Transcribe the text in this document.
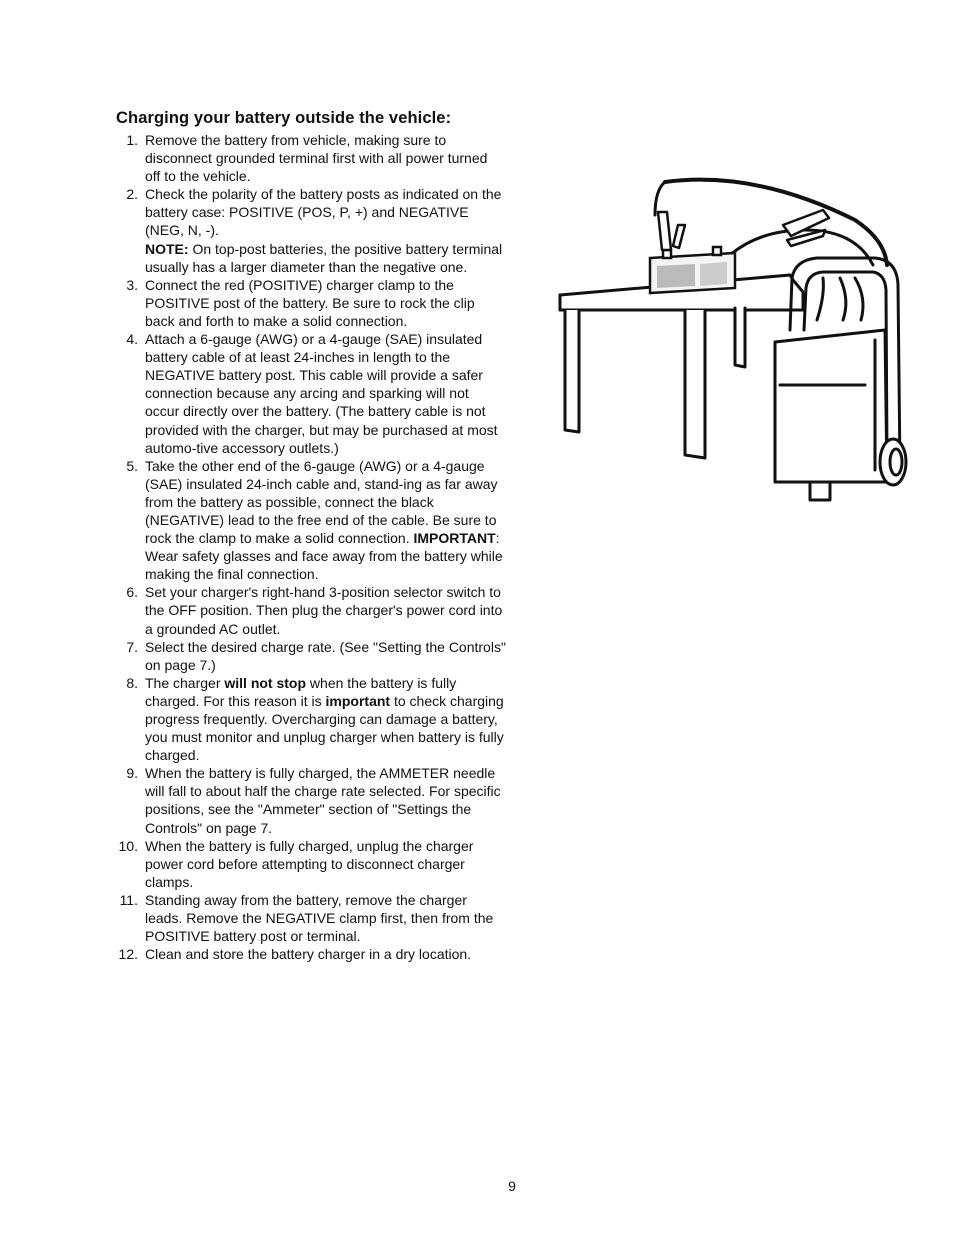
Charging your battery outside the vehicle:
1. Remove the battery from vehicle, making sure to disconnect grounded terminal first with all power turned off to the vehicle.
2. Check the polarity of the battery posts as indicated on the battery case: POSITIVE (POS, P, +) and NEGATIVE (NEG, N, -).
NOTE: On top-post batteries, the positive battery terminal usually has a larger diameter than the negative one.
3. Connect the red (POSITIVE) charger clamp to the POSITIVE post of the battery. Be sure to rock the clip back and forth to make a solid connection.
4. Attach a 6-gauge (AWG) or a 4-gauge (SAE) insulated battery cable of at least 24-inches in length to the NEGATIVE battery post. This cable will provide a safer connection because any arcing and sparking will not occur directly over the battery. (The battery cable is not provided with the charger, but may be purchased at most automo-tive accessory outlets.)
5. Take the other end of the 6-gauge (AWG) or a 4-gauge (SAE) insulated 24-inch cable and, stand-ing as far away from the battery as possible, connect the black (NEGATIVE) lead to the free end of the cable. Be sure to rock the clamp to make a solid connection. IMPORTANT: Wear safety glasses and face away from the battery while making the final connection.
6. Set your charger's right-hand 3-position selector switch to the OFF position. Then plug the charger's power cord into a grounded AC outlet.
7. Select the desired charge rate. (See "Setting the Controls" on page 7.)
8. The charger will not stop when the battery is fully charged. For this reason it is important to check charging progress frequently. Overcharging can damage a battery, you must monitor and unplug charger when battery is fully charged.
9. When the battery is fully charged, the AMMETER needle will fall to about half the charge rate selected. For specific positions, see the "Ammeter" section of "Settings the Controls" on page 7.
10. When the battery is fully charged, unplug the charger power cord before attempting to disconnect charger clamps.
11. Standing away from the battery, remove the charger leads. Remove the NEGATIVE clamp first, then from the POSITIVE battery post or terminal.
12. Clean and store the battery charger in a dry location.
9
